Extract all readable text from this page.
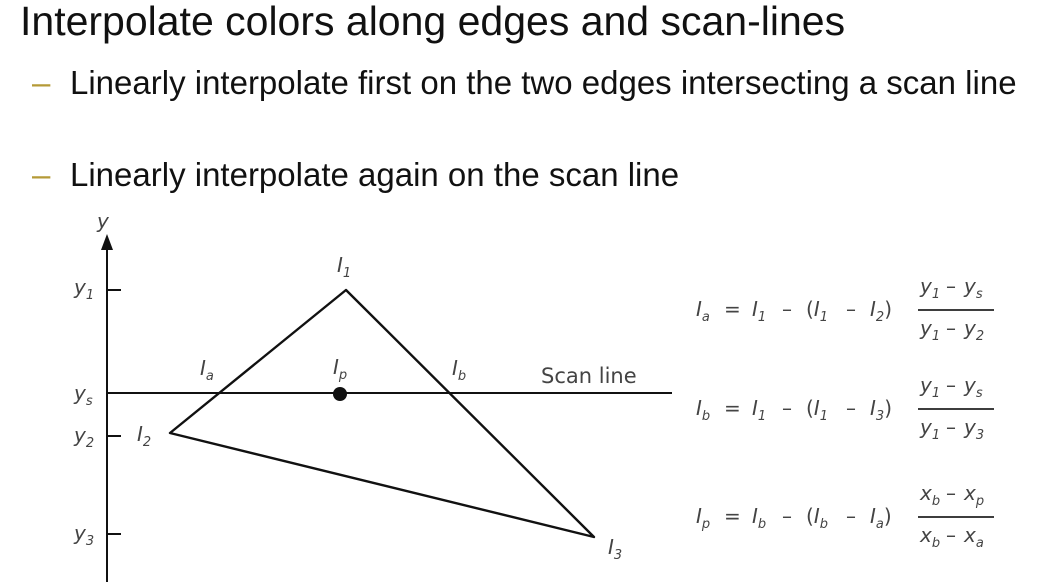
Interpolate colors along edges and scan-lines
– Linearly interpolate first on the two edges intersecting a scan line
– Linearly interpolate again on the scan line
y
$y_1$
$y_s$
$y_2$
$y_3$
Scan line
$I_1$
$I_2$
$I_3$
$I_a$	$I_p$	$I_b$
$I_a = I_1 - (I_1 - I_2)$
$y_1 - y_s$
$y_1 - y_2$
$I_b = I_1 - (I_1 - I_3)$
$y_1 - y_s$
$y_1 - y_3$
$I_p = I_b - (I_b - I_a)$
$x_b - x_p$
$x_b - x_a$
